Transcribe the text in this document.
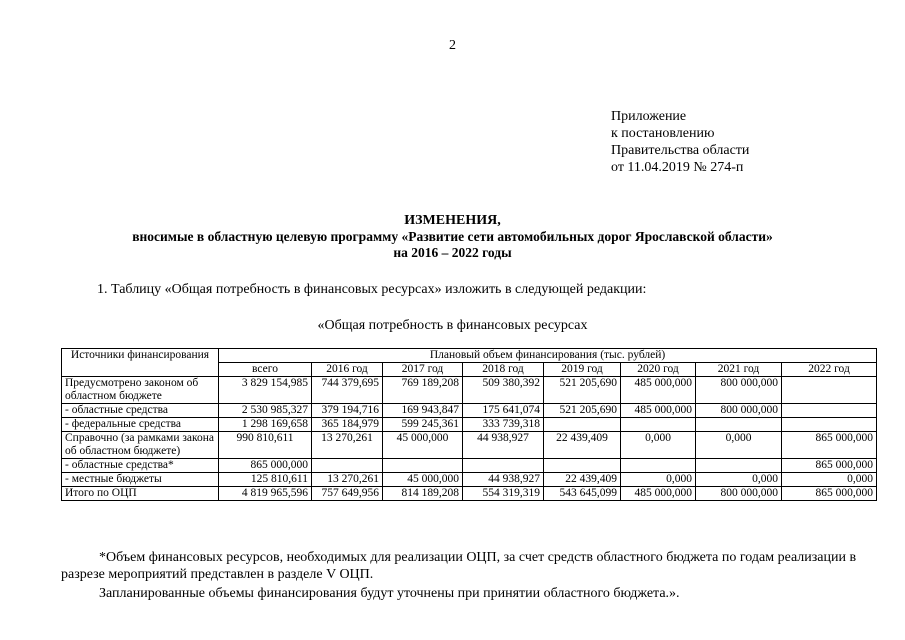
2
Приложение
к постановлению
Правительства области
от 11.04.2019 № 274-п
ИЗМЕНЕНИЯ,
вносимые в областную целевую программу «Развитие сети автомобильных дорог Ярославской области»
на 2016 – 2022 годы
1. Таблицу «Общая потребность в финансовых ресурсах» изложить в следующей редакции:
«Общая потребность в финансовых ресурсах
Источники финансирования	Плановый объем финансирования (тыс. рублей)							
	всего	2016 год	2017 год	2018 год	2019 год	2020 год	2021 год	2022 год
Предусмотрено законом об областном бюджете	3 829 154,985	744 379,695	769 189,208	509 380,392	521 205,690	485 000,000	800 000,000	
- областные средства	2 530 985,327	379 194,716	169 943,847	175 641,074	521 205,690	485 000,000	800 000,000	
- федеральные средства	1 298 169,658	365 184,979	599 245,361	333 739,318				
Справочно (за рамками закона об областном бюджете)	990 810,611	13 270,261	45 000,000	44 938,927	22 439,409	0,000	0,000	865 000,000
- областные средства*	865 000,000							865 000,000
- местные бюджеты	125 810,611	13 270,261	45 000,000	44 938,927	22 439,409	0,000	0,000	0,000
Итого по ОЦП	4 819 965,596	757 649,956	814 189,208	554 319,319	543 645,099	485 000,000	800 000,000	865 000,000
*Объем финансовых ресурсов, необходимых для реализации ОЦП, за счет средств областного бюджета по годам реализации в разрезе мероприятий представлен в разделе V ОЦП.
Запланированные объемы финансирования будут уточнены при принятии областного бюджета.».
